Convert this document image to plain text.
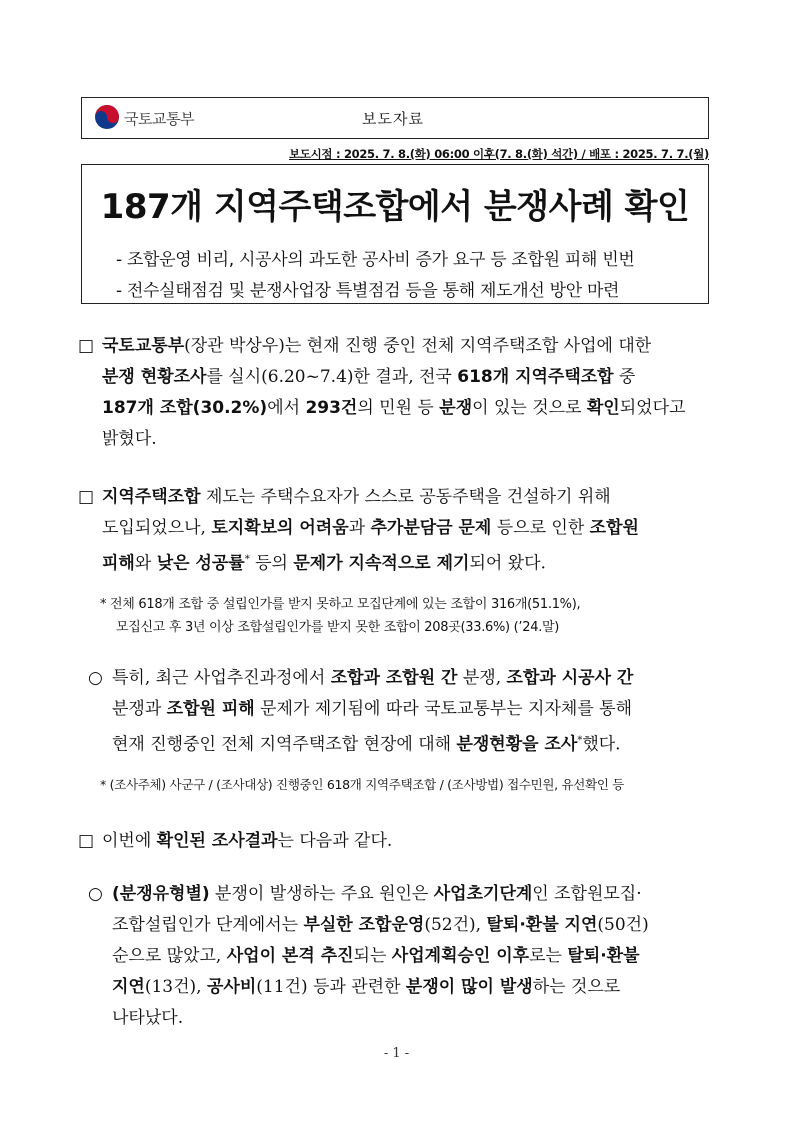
국토교통부	보도자료
보도시점 : 2025. 7. 8.(화) 06:00 이후(7. 8.(화) 석간) / 배포 : 2025. 7. 7.(월)
187개 지역주택조합에서 분쟁사례 확인
- 조합운영 비리, 시공사의 과도한 공사비 증가 요구 등 조합원 피해 빈번
- 전수실태점검 및 분쟁사업장 특별점검 등을 통해 제도개선 방안 마련
□ 국토교통부(장관 박상우)는 현재 진행 중인 전체 지역주택조합 사업에 대한
분쟁 현황조사를 실시(6.20~7.4)한 결과, 전국 618개 지역주택조합 중
187개 조합(30.2%)에서 293건의 민원 등 분쟁이 있는 것으로 확인되었다고
밝혔다.
□ 지역주택조합 제도는 주택수요자가 스스로 공동주택을 건설하기 위해
도입되었으나, 토지확보의 어려움과 추가분담금 문제 등으로 인한 조합원
피해와 낮은 성공률* 등의 문제가 지속적으로 제기되어 왔다.
* 전체 618개 조합 중 설립인가를 받지 못하고 모집단계에 있는 조합이 316개(51.1%),
모집신고 후 3년 이상 조합설립인가를 받지 못한 조합이 208곳(33.6%) (’24.말)
○ 특히, 최근 사업추진과정에서 조합과 조합원 간 분쟁, 조합과 시공사 간
분쟁과 조합원 피해 문제가 제기됨에 따라 국토교통부는 지자체를 통해
현재 진행중인 전체 지역주택조합 현장에 대해 분쟁현황을 조사*했다.
* (조사주체) 사군구 / (조사대상) 진행중인 618개 지역주택조합 / (조사방법) 접수민원, 유선확인 등
□ 이번에 확인된 조사결과는 다음과 같다.
○ (분쟁유형별) 분쟁이 발생하는 주요 원인은 사업초기단계인 조합원모집·
조합설립인가 단계에서는 부실한 조합운영(52건), 탈퇴·환불 지연(50건)
순으로 많았고, 사업이 본격 추진되는 사업계획승인 이후로는 탈퇴·환불
지연(13건), 공사비(11건) 등과 관련한 분쟁이 많이 발생하는 것으로
나타났다.
- 1 -
